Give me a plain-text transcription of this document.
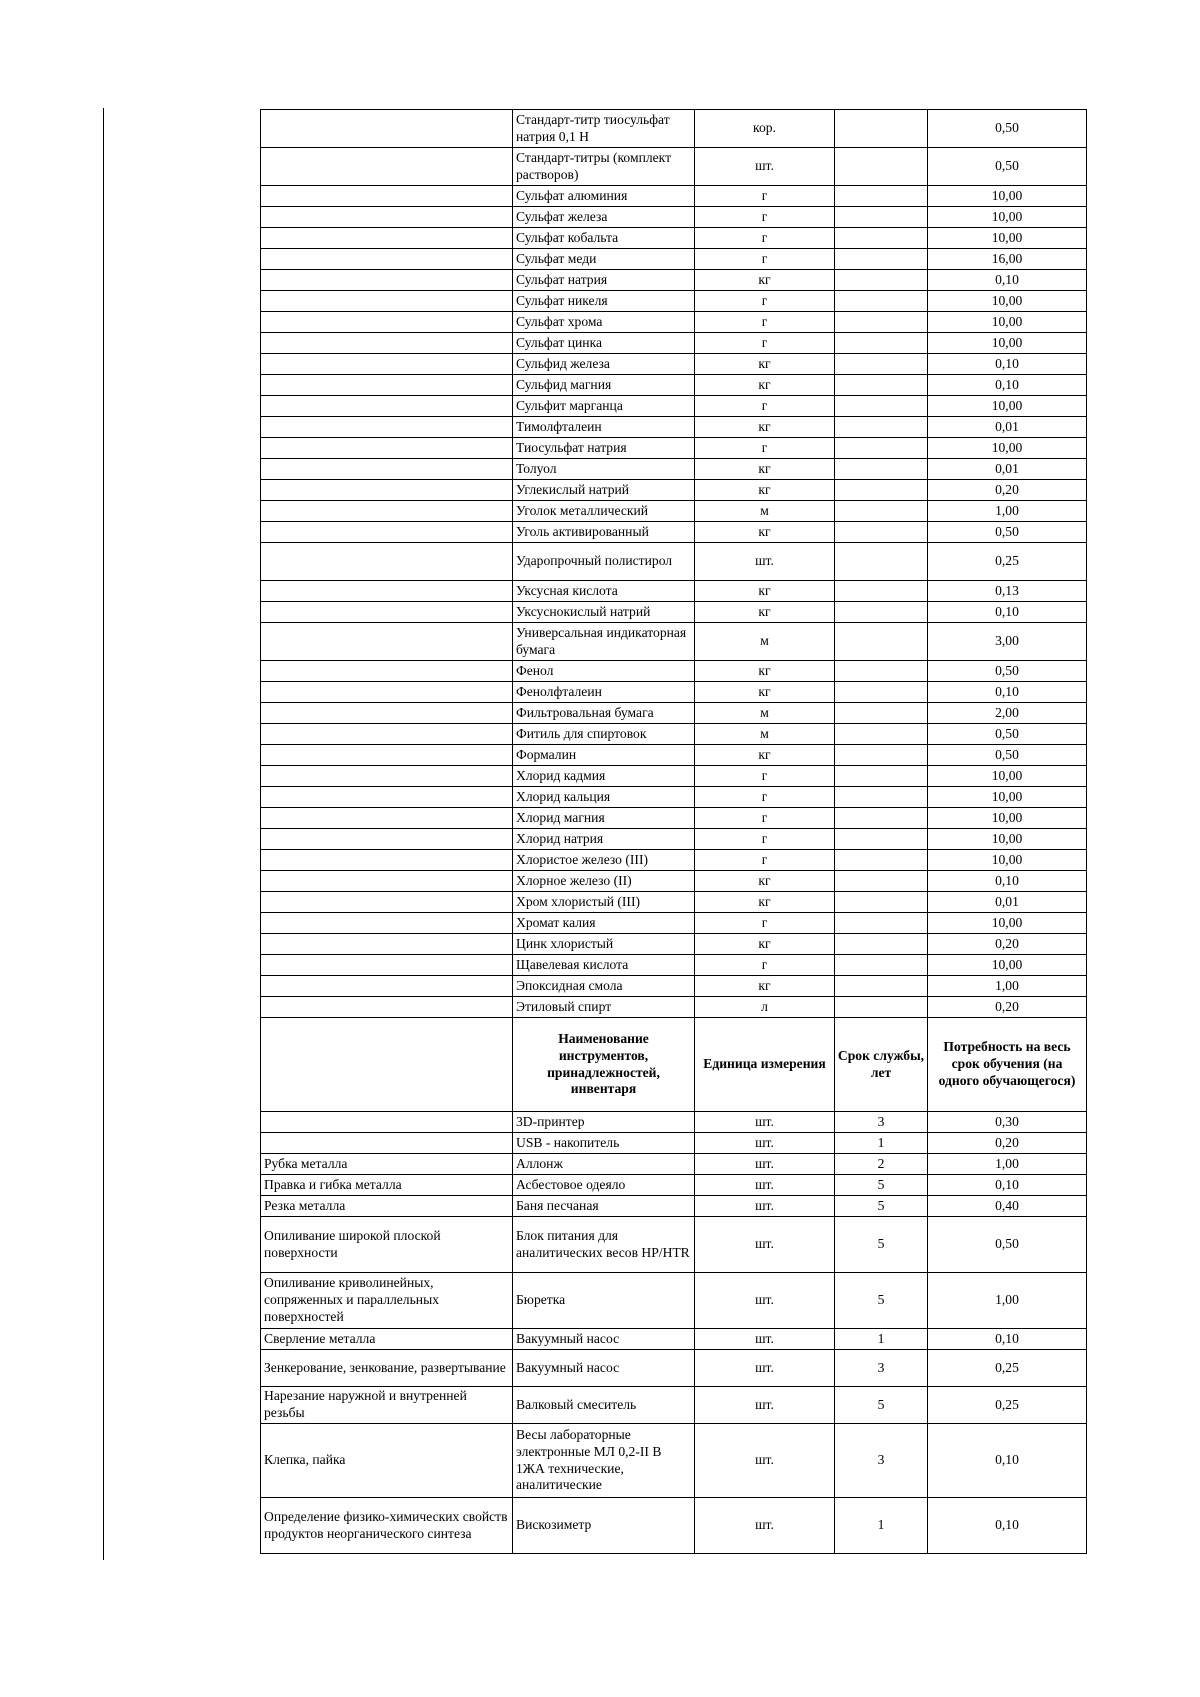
	Стандарт-титр тиосульфат натрия 0,1 Н	кор.		0,50
	Стандарт-титры (комплект растворов)	шт.		0,50
	Сульфат алюминия	г		10,00
	Сульфат железа	г		10,00
	Сульфат кобальта	г		10,00
	Сульфат меди	г		16,00
	Сульфат натрия	кг		0,10
	Сульфат никеля	г		10,00
	Сульфат хрома	г		10,00
	Сульфат цинка	г		10,00
	Сульфид железа	кг		0,10
	Сульфид магния	кг		0,10
	Сульфит марганца	г		10,00
	Тимолфталеин	кг		0,01
	Тиосульфат натрия	г		10,00
	Толуол	кг		0,01
	Углекислый натрий	кг		0,20
	Уголок металлический	м		1,00
	Уголь активированный	кг		0,50
	Ударопрочный полистирол	шт.		0,25
	Уксусная кислота	кг		0,13
	Уксуснокислый натрий	кг		0,10
	Универсальная индикаторная бумага	м		3,00
	Фенол	кг		0,50
	Фенолфталеин	кг		0,10
	Фильтровальная бумага	м		2,00
	Фитиль для спиртовок	м		0,50
	Формалин	кг		0,50
	Хлорид кадмия	г		10,00
	Хлорид кальция	г		10,00
	Хлорид магния	г		10,00
	Хлорид натрия	г		10,00
	Хлористое железо (III)	г		10,00
	Хлорное железо (II)	кг		0,10
	Хром хлористый (III)	кг		0,01
	Хромат калия	г		10,00
	Цинк хлористый	кг		0,20
	Щавелевая кислота	г		10,00
	Эпоксидная смола	кг		1,00
	Этиловый спирт	л		0,20
	Наименование инструментов, принадлежностей, инвентаря	Единица измерения	Срок службы, лет	Потребность на весь срок обучения (на одного обучающегося)
	3D-принтер	шт.	3	0,30
	USB - накопитель	шт.	1	0,20
Рубка металла	Аллонж	шт.	2	1,00
Правка и гибка металла	Асбестовое одеяло	шт.	5	0,10
Резка металла	Баня песчаная	шт.	5	0,40
Опиливание широкой плоской поверхности	Блок питания для аналитических весов HP/HTR	шт.	5	0,50
Опиливание криволинейных, сопряженных и параллельных поверхностей	Бюретка	шт.	5	1,00
Сверление металла	Вакуумный насос	шт.	1	0,10
Зенкерование, зенкование, развертывание	Вакуумный насос	шт.	3	0,25
Нарезание наружной и внутренней резьбы	Валковый смеситель	шт.	5	0,25
Клепка, пайка	Весы лабораторные электронные МЛ 0,2-II В 1ЖА технические, аналитические	шт.	3	0,10
Определение физико-химических свойств продуктов неорганического синтеза	Вискозиметр	шт.	1	0,10
